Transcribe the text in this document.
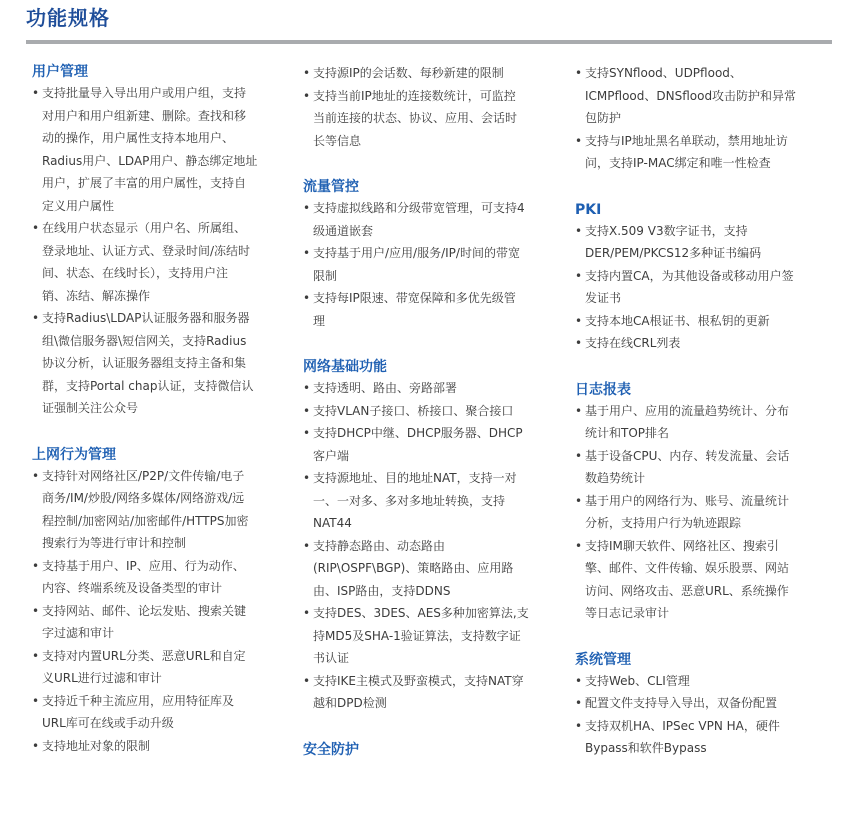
功能规格
用户管理
• 支持批量导入导出用户或用户组，支持
对用户和用户组新建、删除。查找和移
动的操作，用户属性支持本地用户、
Radius用户、LDAP用户、静态绑定地址
用户，扩展了丰富的用户属性，支持自
定义用户属性
• 在线用户状态显示（用户名、所属组、
登录地址、认证方式、登录时间/冻结时
间、状态、在线时长），支持用户注
销、冻结、解冻操作
• 支持Radius\LDAP认证服务器和服务器
组\微信服务器\短信网关，支持Radius
协议分析，认证服务器组支持主备和集
群，支持Portal chap认证，支持微信认
证强制关注公众号
上网行为管理
• 支持针对网络社区/P2P/文件传输/电子
商务/IM/炒股/网络多媒体/网络游戏/远
程控制/加密网站/加密邮件/HTTPS加密
搜索行为等进行审计和控制
• 支持基于用户、IP、应用、行为动作、
内容、终端系统及设备类型的审计
• 支持网站、邮件、论坛发贴、搜索关键
字过滤和审计
• 支持对内置URL分类、恶意URL和自定
义URL进行过滤和审计
• 支持近千种主流应用，应用特征库及
URL库可在线或手动升级
• 支持地址对象的限制
• 支持源IP的会话数、每秒新建的限制
• 支持当前IP地址的连接数统计，可监控
当前连接的状态、协议、应用、会话时
长等信息
流量管控
• 支持虚拟线路和分级带宽管理，可支持4
级通道嵌套
• 支持基于用户/应用/服务/IP/时间的带宽
限制
• 支持每IP限速、带宽保障和多优先级管
理
网络基础功能
• 支持透明、路由、旁路部署
• 支持VLAN子接口、桥接口、聚合接口
• 支持DHCP中继、DHCP服务器、DHCP
客户端
• 支持源地址、目的地址NAT，支持一对
一、一对多、多对多地址转换，支持
NAT44
• 支持静态路由、动态路由
(RIP\OSPF\BGP)、策略路由、应用路
由、ISP路由，支持DDNS
• 支持DES、3DES、AES多种加密算法,支
持MD5及SHA-1验证算法，支持数字证
书认证
• 支持IKE主模式及野蛮模式，支持NAT穿
越和DPD检测
安全防护
• 支持SYNflood、UDPflood、
ICMPflood、DNSflood攻击防护和异常
包防护
• 支持与IP地址黑名单联动，禁用地址访
问，支持IP-MAC绑定和唯一性检查
PKI
• 支持X.509 V3数字证书，支持
DER/PEM/PKCS12多种证书编码
• 支持内置CA，为其他设备或移动用户签
发证书
• 支持本地CA根证书、根私钥的更新
• 支持在线CRL列表
日志报表
• 基于用户、应用的流量趋势统计、分布
统计和TOP排名
• 基于设备CPU、内存、转发流量、会话
数趋势统计
• 基于用户的网络行为、账号、流量统计
分析，支持用户行为轨迹跟踪
• 支持IM聊天软件、网络社区、搜索引
擎、邮件、文件传输、娱乐股票、网站
访问、网络攻击、恶意URL、系统操作
等日志记录审计
系统管理
• 支持Web、CLI管理
• 配置文件支持导入导出，双备份配置
• 支持双机HA、IPSec VPN HA，硬件
Bypass和软件Bypass
